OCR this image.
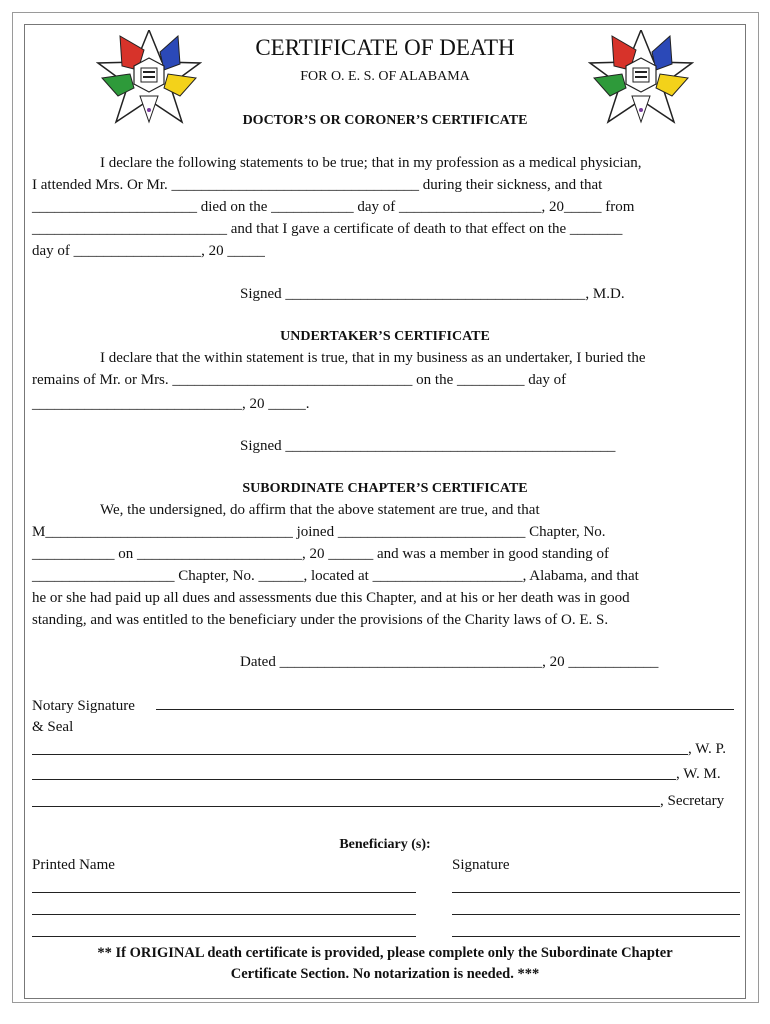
CERTIFICATE OF DEATH
FOR O. E. S. OF ALABAMA
DOCTOR’S OR CORONER’S CERTIFICATE
I declare the following statements to be true; that in my profession as a medical physician,
I attended Mrs. Or Mr. _________________________________ during their sickness, and that
______________________ died on the ___________ day of ___________________, 20_____ from
__________________________ and that I gave a certificate of death to that effect on the _______
day of _________________, 20 _____
Signed ________________________________________, M.D.
UNDERTAKER’S CERTIFICATE
I declare that the within statement is true, that in my business as an undertaker, I buried the
remains of Mr. or Mrs. ________________________________ on the _________ day of
____________________________, 20 _____.
Signed ____________________________________________
SUBORDINATE CHAPTER’S CERTIFICATE
We, the undersigned, do affirm that the above statement are true, and that
M_________________________________ joined _________________________ Chapter, No.
___________ on ______________________, 20 ______ and was a member in good standing of
___________________ Chapter, No. ______, located at ____________________, Alabama, and that
he or she had paid up all dues and assessments due this Chapter, and at his or her death was in good
standing, and was entitled to the beneficiary under the provisions of the Charity laws of O. E. S.
Dated ___________________________________, 20 ____________
Notary Signature
& Seal
, W. P.
, W. M.
, Secretary
Beneficiary (s):
Printed Name	Signature
** If ORIGINAL death certificate is provided, please complete only the Subordinate Chapter
Certificate Section. No notarization is needed. ***
